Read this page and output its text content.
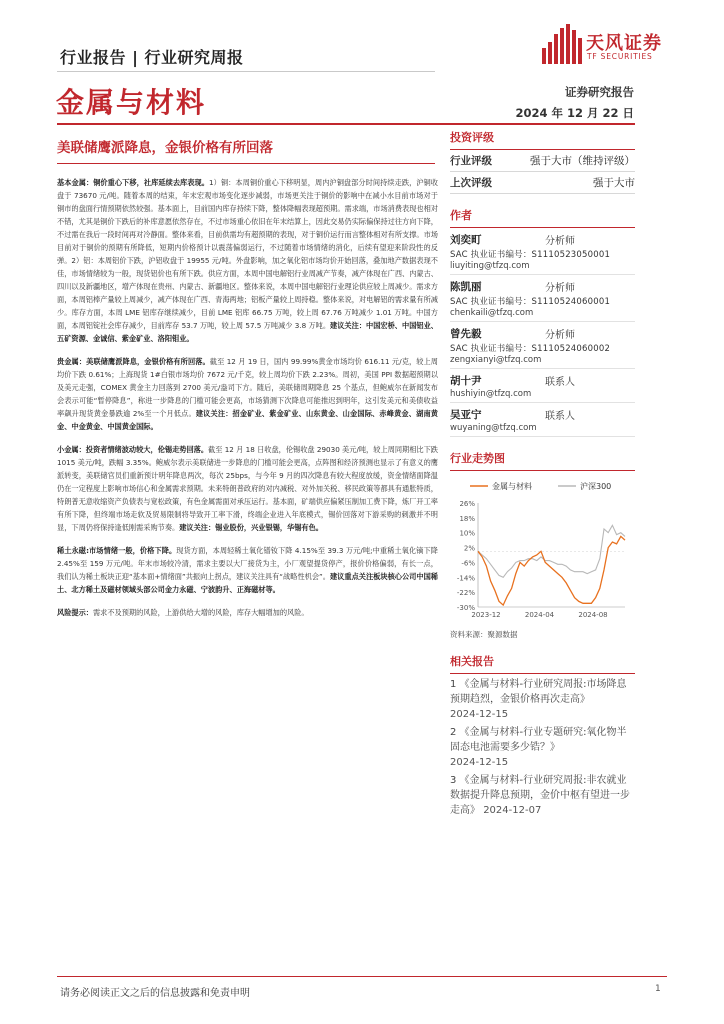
行业报告 | 行业研究周报
天风证券
TF SECURITIES
金属与材料	证券研究报告
2024 年 12 月 22 日
美联储鹰派降息，金银价格有所回落

基本金属：铜价重心下移，社库延续去库表现。1）铜：本周铜价重心下移明显，周内沪铜盘部分时间持续走跌，沪铜收盘于 73670 元/吨。随着本周的结束，年末宏观市场变化逐步减弱，市场更关注于铜价的影响中在减小水目前市场对于铜市的盘面行情预期依然较强。基本面上，目前国内库存持续下降，整体降幅表现超预期。需求端，市场消费表现也相对不错，尤其是铜价下跌后的补库意愿依然存在，不过市场重心依旧在年末结算上，因此交易仍实际偏保持过往方向下降，不过需在我后一段时间再对冷静面。整体来看，目前供需均有超预期的表现，对于铜价运行而言整体相对有所支撑。市场目前对于铜价的预期有所降低，短期内价格预计以震荡偏弱运行，不过随着市场情绪的消化，后续有望迎来阶段性的反弹。2）铝：本周铝价下跌，沪铝收盘于 19955 元/吨。外盘影响，加之氧化铝市场均价开始回落，叠加地产数据表现不佳，市场情绪较为一般，现货铝价也有所下跌。供应方面，本周中国电解铝行业周减产节奏，减产体现在广西、内蒙古、四川以及新疆地区，增产体现在贵州、内蒙古、新疆地区。整体来说，本周中国电解铝行业理论供应较上周减少。需求方面，本周铝棒产量较上周减少，减产体现在广西、青海两地；铝板产量较上周持稳。整体来说，对电解铝的需求量有所减少。库存方面，本周 LME 铝库存继续减少，目前 LME 铝库 66.75 万吨，较上周 67.76 万吨减少 1.01 万吨。中国方面，本周铝锭社会库存减少，目前库存 53.7 万吨，较上周 57.5 万吨减少 3.8 万吨。建议关注：中国宏桥、中国铝业、五矿资源、金诚信、紫金矿业、洛阳钼业。

贵金属：美联储鹰派降息，金银价格有所回落。截至 12 月 19 日，国内 99.99%黄金市场均价 616.11 元/克，较上周均价下跌 0.61%；上海现货 1#白银市场均价 7672 元/千克，较上周均价下跌 2.23%。周初，美国 PPI 数据超预期以及美元走强，COMEX 黄金主力回落到 2700 美元/盎司下方。随后，美联储周期降息 25 个基点，但鲍威尔在新闻发布会表示可能“暂停降息”，称进一步降息的门槛可能会更高，市场猜测下次降息可能推迟到明年，这引发美元和美债收益率飙升现货黄金暴跌逾 2%至一个月低点。建议关注：招金矿业、紫金矿业、山东黄金、山金国际、赤峰黄金、湖南黄金、中金黄金、中国黄金国际。

小金属：投资者情绪波动较大，伦锡走势回落。截至 12 月 18 日收盘，伦锡收盘 29030 美元/吨，较上周同期相比下跌 1015 美元/吨，跌幅 3.35%。鲍威尔表示美联储进一步降息的门槛可能会更高，点阵图和经济预测也显示了有意义的鹰派转变，美联储官员们重新预计明年降息两次，每次 25bps，与今年 9 月的四次降息有较大程度放缓，资金情绪面降温仍在一定程度上影响市场信心和金属需求预期。未来特朗普政府的对内减税、对外加关税、移民政策等都具有通胀特质，特朗普无意收缩资产负债表与宽松政策，有色金属需面对承压运行。基本面，矿端供应偏紧压制加工费下降，炼厂开工率有所下降，但终端市场走软及贸易限制将导致开工率下滑，终端企业进入年底模式，锡价回落对下游采购的刺激并不明显，下周仍将保持逢低刚需采购节奏。建议关注：锡业股份，兴业银锡，华锡有色。

稀土永磁:市场情绪一般，价格下降。现货方面，本周轻稀土氧化镨钕下降 4.15%至 39.3 万元/吨;中重稀土氧化镝下降 2.45%至 159 万元/吨。年末市场较冷清，需求主要以大厂接货为主，小厂观望提货停产，报价价格偏弱，有长一点，我们认为稀土板块正迎“基本面+情绪面”共振向上拐点，建议关注具有“战略性机会”。建议重点关注板块核心公司中国稀土、北方稀土及磁材领域头部公司金力永磁、宁波韵升、正海磁材等。

风险提示：需求不及预期的风险，上游供给大增的风险，库存大幅增加的风险。

投资评级
行业评级	强于大市（维持评级）
上次评级	强于大市
作者
刘奕町	分析师
SAC 执业证书编号：S1110523050001
liuyiting@tfzq.com
陈凯丽	分析师
SAC 执业证书编号：S1110524060001
chenkaili@tfzq.com
曾先毅	分析师
SAC 执业证书编号：S1110524060002
zengxianyi@tfzq.com
胡十尹	联系人
hushiyin@tfzq.com
吴亚宁	联系人
wuyaning@tfzq.com
行业走势图
金属与材料	沪深300
26%
18%
10%
2%
-6%
-14%
-22%
-30%
2023-12	2024-04	2024-08
资料来源：聚源数据
相关报告
1 《金属与材料-行业研究周报:市场降息预期趋烈，金银价格再次走高》
2024-12-15
2 《金属与材料-行业专题研究:氧化物半固态电池需要多少锆？》
2024-12-15
3 《金属与材料-行业研究周报:非农就业数据提升降息预期，金价中枢有望进一步走高》 2024-12-07
请务必阅读正文之后的信息披露和免责申明	1
